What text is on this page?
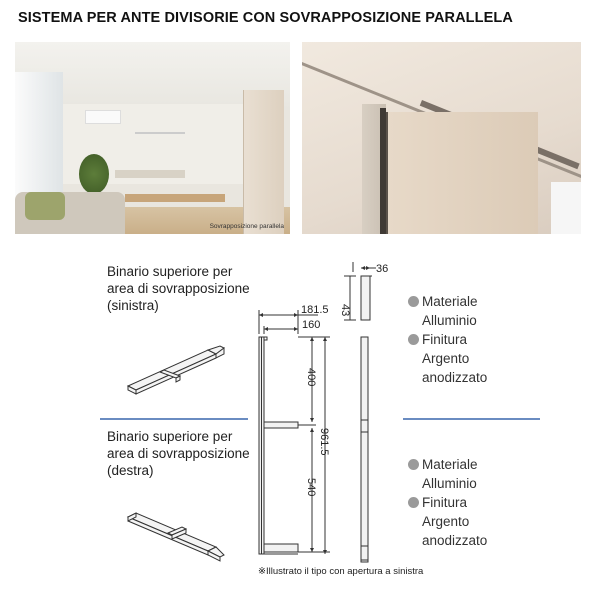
SISTEMA PER ANTE DIVISORIE CON SOVRAPPOSIZIONE PARALLELA
Sovrapposizione parallela
Binario superiore per
area di sovrapposizione
(sinistra)
Binario superiore per
area di sovrapposizione
(destra)
Materiale
Alluminio
Finitura
Argento
anodizzato
Materiale
Alluminio
Finitura
Argento
anodizzato
181.5
160
400
540
961.5
36
43
※Illustrato il tipo con apertura a sinistra
